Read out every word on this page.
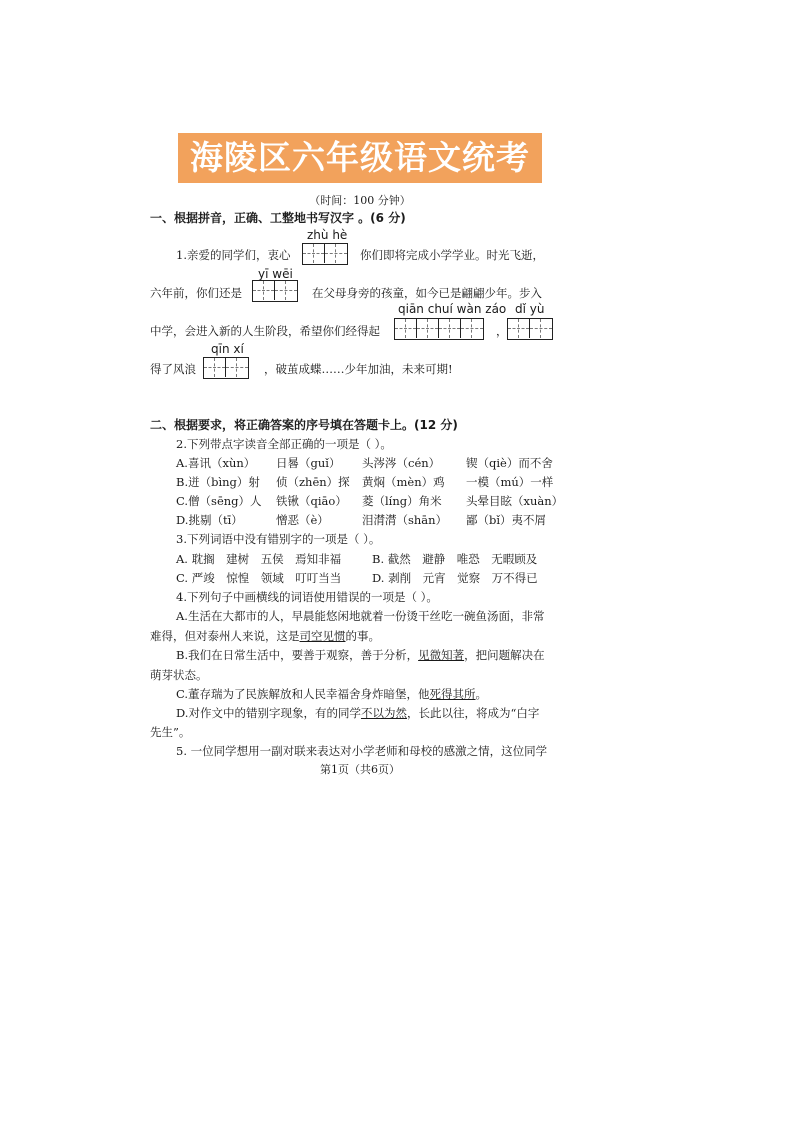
海陵区六年级语文统考
（时间：100 分钟）
一、根据拼音，正确、工整地书写汉字 。(6 分)
zhù hè
1.亲爱的同学们，衷心	你们即将完成小学学业。时光飞逝，
yī wēi
六年前，你们还是	在父母身旁的孩童，如今已是翩翩少年。步入
qiān chuí wàn záo dǐ yù
中学，会进入新的人生阶段，希望你们经得起	，
qīn xí
得了风浪	，破茧成蝶……少年加油，未来可期!
二、根据要求，将正确答案的序号填在答题卡上。(12 分)
2.下列带点字读音全部正确的一项是（ ）。
A.喜讯（xùn） 日晷（guǐ） 头涔涔（cén） 锲（qiè）而不舍
B.迸（bìng）射 侦（zhēn）探 黄焖（mèn）鸡 一模（mú）一样
C.僧（sēng）人 铁锹（qiāo） 菱（líng）角米 头晕目眩（xuàn）
D.挑剔（tī）	憎恶（è）	泪潸潸（shān） 鄙（bǐ）夷不屑
3.下列词语中没有错别字的一项是（ ）。
A. 耽搁　建树　五侯　焉知非福	B. 截然　避静　唯恐　无暇顾及
C. 严竣　惊惶　领域　叮叮当当	D. 剥削　元宵　觉察　万不得已
4.下列句子中画横线的词语使用错误的一项是（ ）。
A.生活在大都市的人，早晨能悠闲地就着一份烫干丝吃一碗鱼汤面，非常
难得，但对泰州人来说，这是司空见惯的事。
B.我们在日常生活中，要善于观察，善于分析，见微知著，把问题解决在
萌芽状态。
C.董存瑞为了民族解放和人民幸福舍身炸暗堡，他死得其所。
D.对作文中的错别字现象，有的同学不以为然，长此以往，将成为“白字
先生”。
5. 一位同学想用一副对联来表达对小学老师和母校的感激之情，这位同学
第1页（共6页）
